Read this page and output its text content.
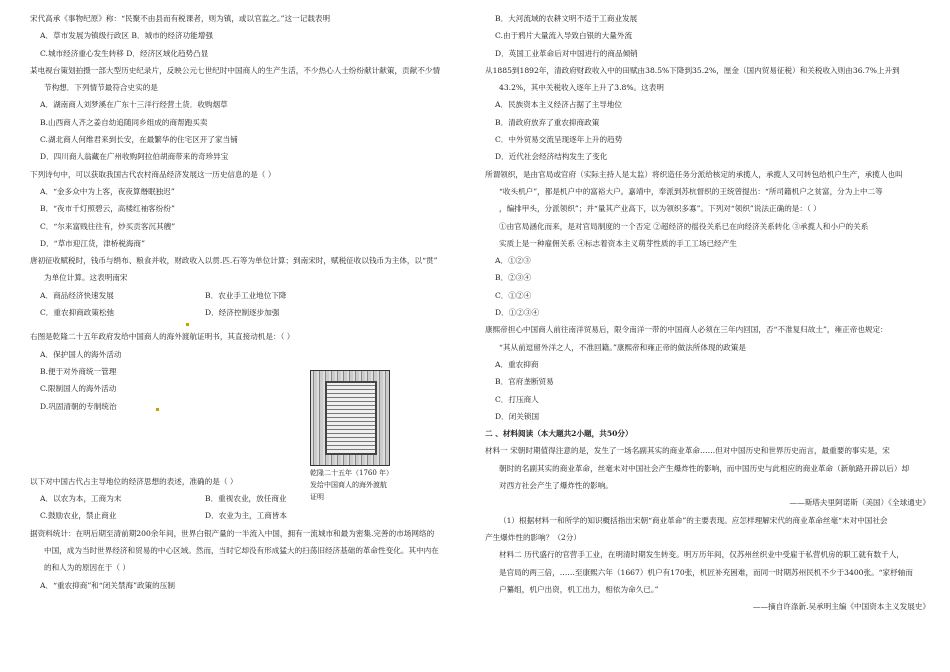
宋代高承《事物纪原》称：“民聚不由县而有税课者，则为镇，或以官监之。”这一记载表明
A．草市发展为镇级行政区 B．城市的经济功能增强
C.城市经济重心发生转移 D．经济区域化趋势凸显
某电视台策划拍摄一部大型历史纪录片，反映公元七世纪时中国商人的生产生活，不少热心人士纷纷献计献策，贡献不少情
节构想．下列情节最符合史实的是
A．湖南商人刘梦溪在广东十三洋行经营土货．收购烟草
B.山西商人齐之姜自幼追随同乡组成的商帮跑买卖
C.湖北商人何维君来到长安，在最繁华的住宅区开了家当铺
D．四川商人翁藏在广州收购阿拉伯胡商带来的奇珍异宝
下列诗句中，可以获取我国古代农村商品经济发展这一历史信息的是（ ）
A．“金多众中为上客，夜夜算缗眠独迟”
B．“夜市千灯照碧云，高楼红袖客纷纷”
C．“尔来富贱往往有，炒买贡客沉其艘”
D．“草市迎江货，津桥税海商”
唐初征收赋税时，钱币与绢布、粮食并收，财政收入以贯.匹.石等为单位计算；到南宋时，赋税征收以钱币为主体，以“贯”
为单位计算。这表明南宋
A．商品经济快速发展	B．农业手工业地位下降
C．重农抑商政策松弛	D．经济控制逐步加强
右图是乾隆二十五年政府发给中国商人的海外渡航证明书，其直接动机是：（ ）
A．保护国人的海外活动
B.便于对外商统一管理
C.限制国人的海外活动
D.巩固清朝的专制统治
以下对中国古代占主导地位的经济思想的表述，准确的是（ ）
A．以农为本，工商为末	B．重视农业，放任商业
C.鼓励农业，禁止商业	D．农业为主，工商皆本
据资料统计：在明后期至清前期200余年间，世界白银产量的一半流入中国，拥有一流城市和最为密集.完善的市场网络的
中国，成为当时世界经济和贸易的中心区域。然而，当时它却没有形成猛大的扫荡旧经济基础的革命性变化。其中内在
的和人为的原因在于（ ）
A．“重农抑商”和“闭关禁海”政策的压制
乾隆二十五年（1760 年）发给中国商人的海外渡航证明
B．大河流域的农耕文明不适于工商业发展
C.由于鸦片大量流入导致白银的大量外流
D．英国工业革命后对中国进行的商品倾销
从1885到1892年，清政府财政收入中的田赋由38.5%下降到35.2%，厘金（国内贸易征税）和关税收入则由36.7%上升到
43.2%，其中关税收入逐年上升了3.8%。这表明
A．民族资本主义经济占据了主导地位
B．清政府放弃了重农抑商政策
C．中外贸易交流呈现逐年上升的趋势
D．近代社会经济结构发生了变化
所谓领织，是由官局或官府（实际主持人是太监）将织造任务分派给核定的承揽人，承揽人又可转包给机户生产，承揽人也叫
“收头机户”，都是机户中的富裕大户。嘉靖中，奉派到苏杭督织的王统曾提出：“所司籍机户之贫富，分为上中二等
，编排甲头，分派领织”；并“量其产业高下，以为领织多寡”。下列对“领织”说法正确的是：（ ）
①由官局涵化而来，是对官局制度的一个否定 ②超经济的徭役关系已在向经济关系转化 ③承揽人和小户的关系
实质上是一种雇佣关系 ④标志着资本主义萌芽性质的手工工场已经产生
A．①②③
B．②③④
C．①②④
D．①②③④
康熙帝担心中国商人前往南洋贸易后，限令南洋一带的中国商人必须在三年内回国，否“不准复归故土”，雍正帝也规定：
“其从前逗留外洋之人，不准回籍。”康熙帝和雍正帝的做法所体现的政策是
A．重农抑商
B．官府垄断贸易
C．打压商人
D．闭关锁国
二 、材料阅读（本大题共2小题，共50分）
材料一 宋朝时期值得注意的是，发生了一场名副其实的商业革命……但对中国历史和世界历史而言，最重要的事实是，宋
朝时的名副其实的商业革命，丝毫未对中国社会产生爆炸性的影响，而中国历史与此相应的商业革命（新航路开辟以后）却
对西方社会产生了爆炸性的影响。
——斯塔夫里阿诺斯（美国）《全球通史》
（1）根据材料一和所学的知识概括指出宋朝“商业革命”的主要表现。应怎样理解宋代的商业革命丝毫“未对中国社会
产生爆炸性的影响？（2分）
材料二 历代盛行的官营手工业，在明清时期发生转变。明万历年间，仅苏州丝织业中受雇于私营机房的职工就有数千人，
是官局的两三倍，……至康熙六年（1667）机户有170张，机匠补充困难，而同一时期苏州民机不少于3400张。“家杼轴而
户纂组，机户出资，机工出力，相依为命久已。”
——摘自许涤新.吴承明主编《中国资本主义发展史》
